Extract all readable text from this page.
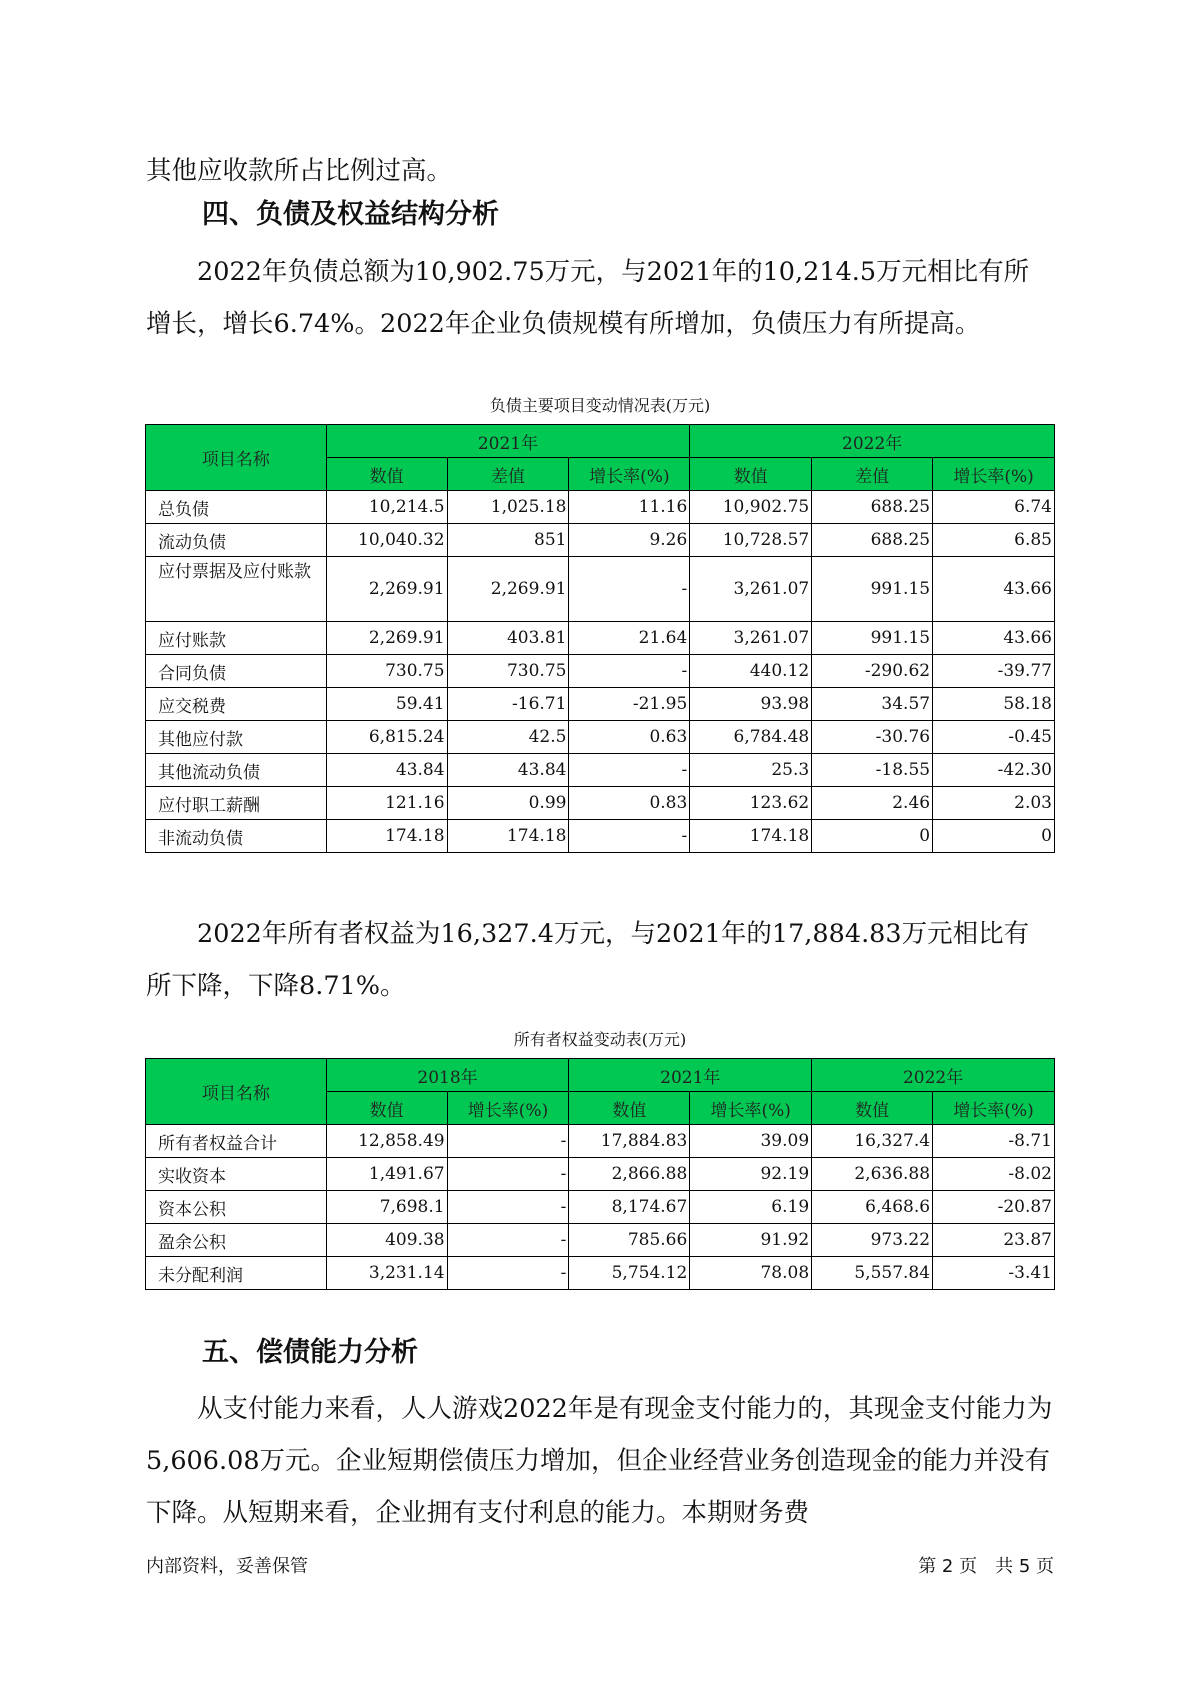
其他应收款所占比例过高。

四、负债及权益结构分析

2022年负债总额为10,902.75万元，与2021年的10,214.5万元相比有所增长，增长6.74%。2022年企业负债规模有所增加，负债压力有所提高。

负债主要项目变动情况表(万元)
项目名称	2021年			2022年		
	数值	差值	增长率(%)	数值	差值	增长率(%)
总负债	10,214.5	1,025.18	11.16	10,902.75	688.25	6.74
流动负债	10,040.32	851	9.26	10,728.57	688.25	6.85
应付票据及应付账款	2,269.91	2,269.91	-	3,261.07	991.15	43.66
应付账款	2,269.91	403.81	21.64	3,261.07	991.15	43.66
合同负债	730.75	730.75	-	440.12	-290.62	-39.77
应交税费	59.41	-16.71	-21.95	93.98	34.57	58.18
其他应付款	6,815.24	42.5	0.63	6,784.48	-30.76	-0.45
其他流动负债	43.84	43.84	-	25.3	-18.55	-42.30
应付职工薪酬	121.16	0.99	0.83	123.62	2.46	2.03
非流动负债	174.18	174.18	-	174.18	0	0

2022年所有者权益为16,327.4万元，与2021年的17,884.83万元相比有所下降，下降8.71%。

所有者权益变动表(万元)
项目名称	2018年		2021年		2022年	
	数值	增长率(%)	数值	增长率(%)	数值	增长率(%)
所有者权益合计	12,858.49	-	17,884.83	39.09	16,327.4	-8.71
实收资本	1,491.67	-	2,866.88	92.19	2,636.88	-8.02
资本公积	7,698.1	-	8,174.67	6.19	6,468.6	-20.87
盈余公积	409.38	-	785.66	91.92	973.22	23.87
未分配利润	3,231.14	-	5,754.12	78.08	5,557.84	-3.41
五、偿债能力分析

从支付能力来看，人人游戏2022年是有现金支付能力的，其现金支付能力为5,606.08万元。企业短期偿债压力增加，但企业经营业务创造现金的能力并没有下降。从短期来看，企业拥有支付利息的能力。本期财务费

内部资料，妥善保管	第 2 页　共 5 页
